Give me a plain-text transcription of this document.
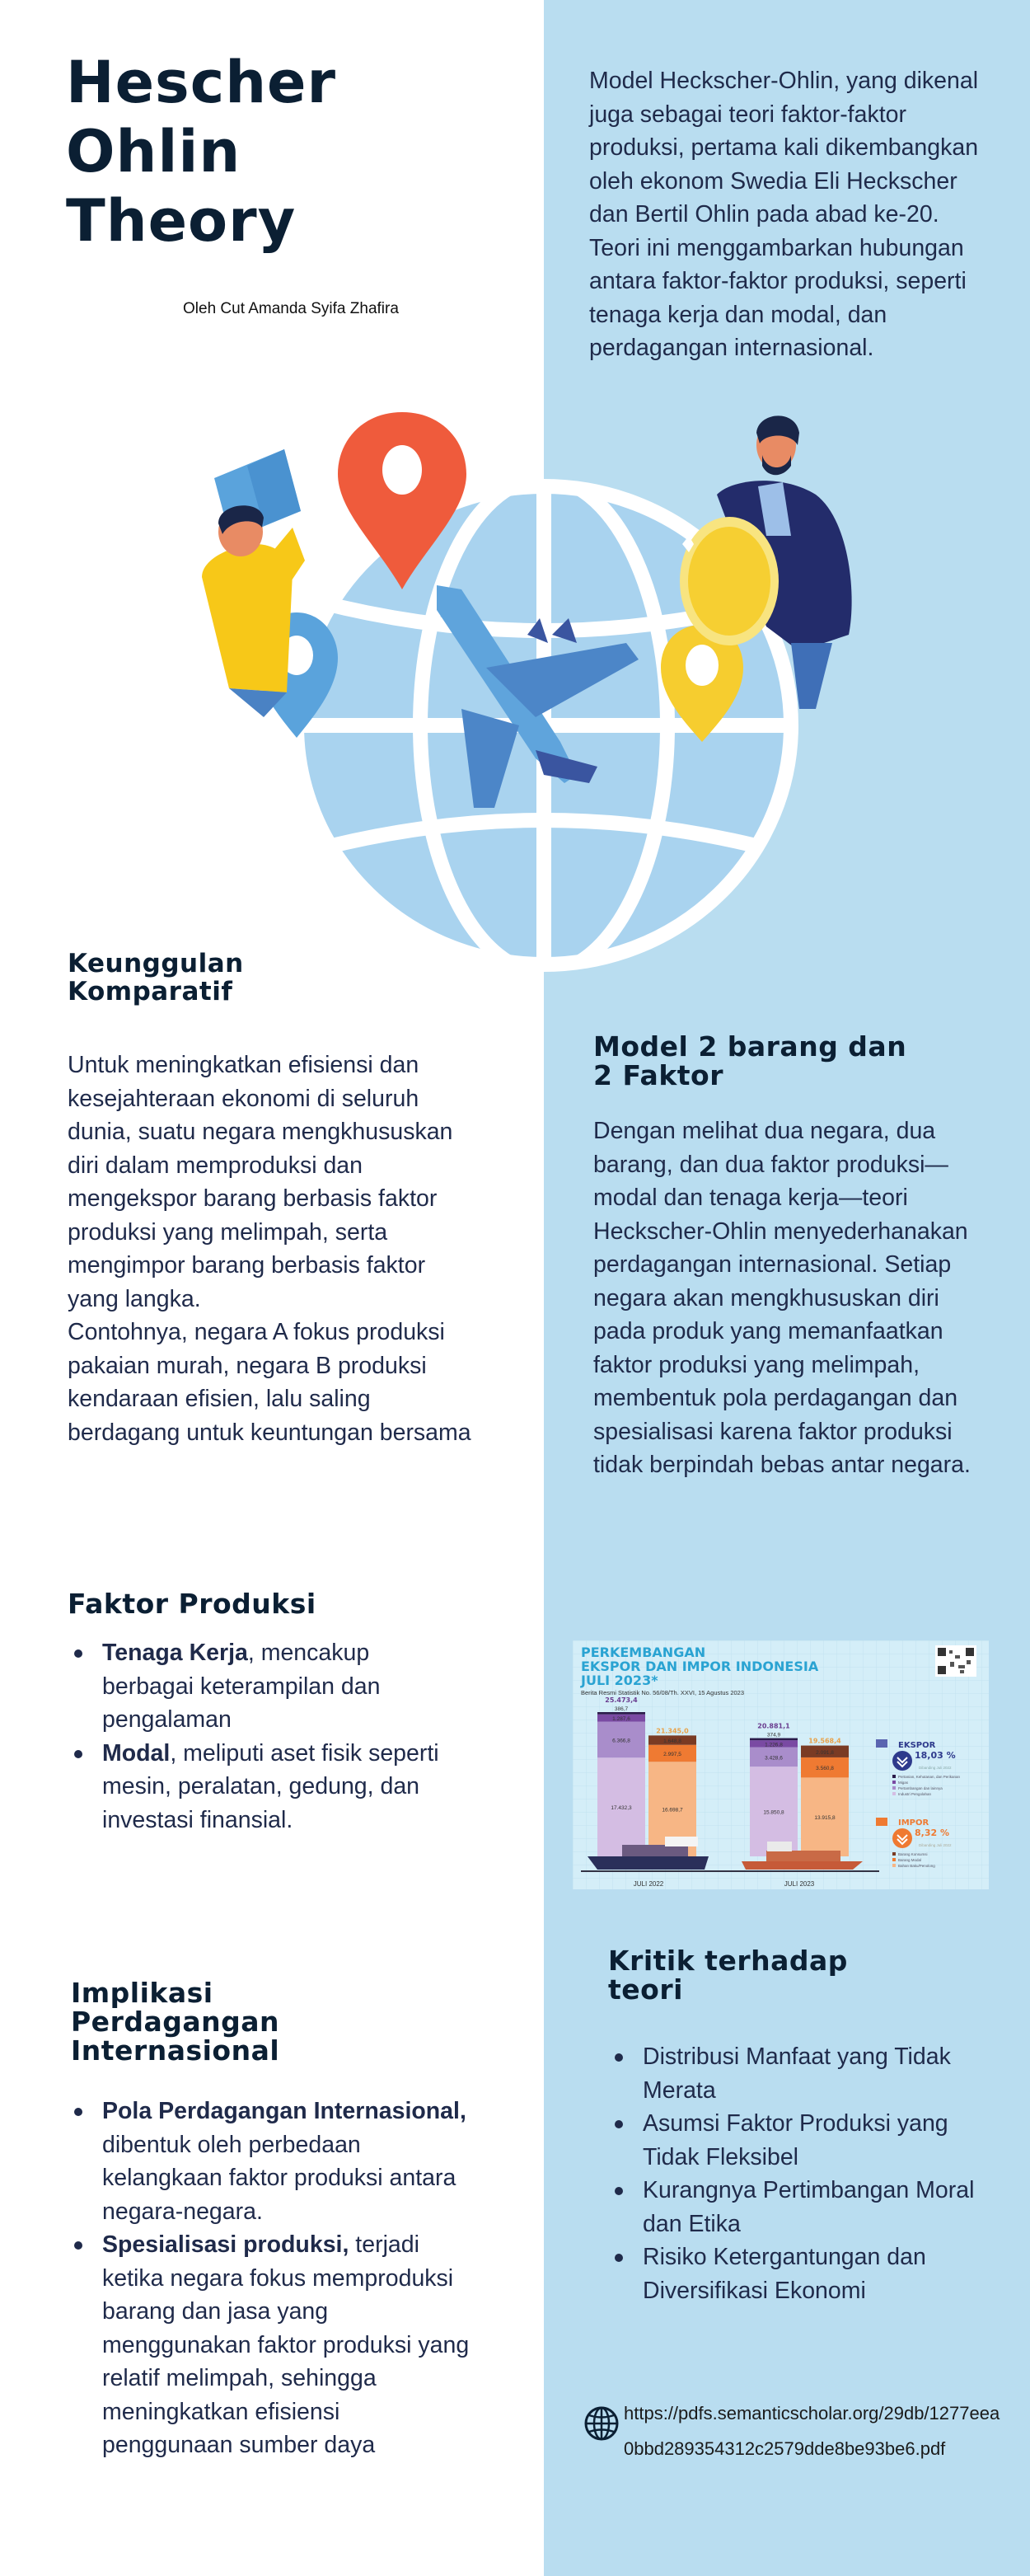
Hescher
Ohlin
Theory
Oleh Cut Amanda Syifa Zhafira

Model Heckscher-Ohlin, yang dikenal juga sebagai teori faktor-faktor produksi, pertama kali dikembangkan oleh ekonom Swedia Eli Heckscher dan Bertil Ohlin pada abad ke-20. Teori ini menggambarkan hubungan antara faktor-faktor produksi, seperti tenaga kerja dan modal, dan perdagangan internasional.

Keunggulan
Komparatif

Untuk meningkatkan efisiensi dan kesejahteraan ekonomi di seluruh dunia, suatu negara mengkhususkan diri dalam memproduksi dan mengekspor barang berbasis faktor produksi yang melimpah, serta mengimpor barang berbasis faktor yang langka.

Contohnya, negara A fokus produksi pakaian murah, negara B produksi kendaraan efisien, lalu saling berdagang untuk keuntungan bersama

Model 2 barang dan
2 Faktor

Dengan melihat dua negara, dua barang, dan dua faktor produksi—modal dan tenaga kerja—teori Heckscher-Ohlin menyederhanakan perdagangan internasional. Setiap negara akan mengkhususkan diri pada produk yang memanfaatkan faktor produksi yang melimpah, membentuk pola perdagangan dan spesialisasi karena faktor produksi tidak berpindah bebas antar negara.

Faktor Produksi
Tenaga Kerja, mencakup berbagai keterampilan dan pengalaman
Modal, meliputi aset fisik seperti mesin, peralatan, gedung, dan investasi finansial.
PERKEMBANGAN
EKSPOR DAN IMPOR INDONESIA
JULI 2023*
Berita Resmi Statistik No. 56/08/Th. XXVI, 15 Agustus 2023
17.432,3
6.366,8
1.287,6
386,7
25.473,4
16.698,7
2.997,5
1.648,8
21.345,0
15.850,8
3.428,6
1.226,8
374,9
20.881,1
13.915,8
3.560,8
2.091,8
19.568,4
JULI 2022	JULI 2023
EKSPOR
18,03 %
Dibanding Juli 2022
Pertanian, Kehutanan, dan Perikanan
Migas
Pertambangan dan lainnya
Industri Pengolahan
IMPOR
8,32 %
Dibanding Juli 2022
Barang Konsumsi
Barang Modal
Bahan Baku/Penolong
Implikasi
Perdagangan
Internasional
Pola Perdagangan Internasional, dibentuk oleh perbedaan kelangkaan faktor produksi antara negara-negara.
Spesialisasi produksi, terjadi ketika negara fokus memproduksi barang dan jasa yang menggunakan faktor produksi yang relatif melimpah, sehingga meningkatkan efisiensi penggunaan sumber daya
Kritik terhadap
teori
Distribusi Manfaat yang Tidak Merata
Asumsi Faktor Produksi yang Tidak Fleksibel
Kurangnya Pertimbangan Moral dan Etika
Risiko Ketergantungan dan Diversifikasi Ekonomi
https://pdfs.semanticscholar.org/29db/1277eea0bbd289354312c2579dde8be93be6.pdf
